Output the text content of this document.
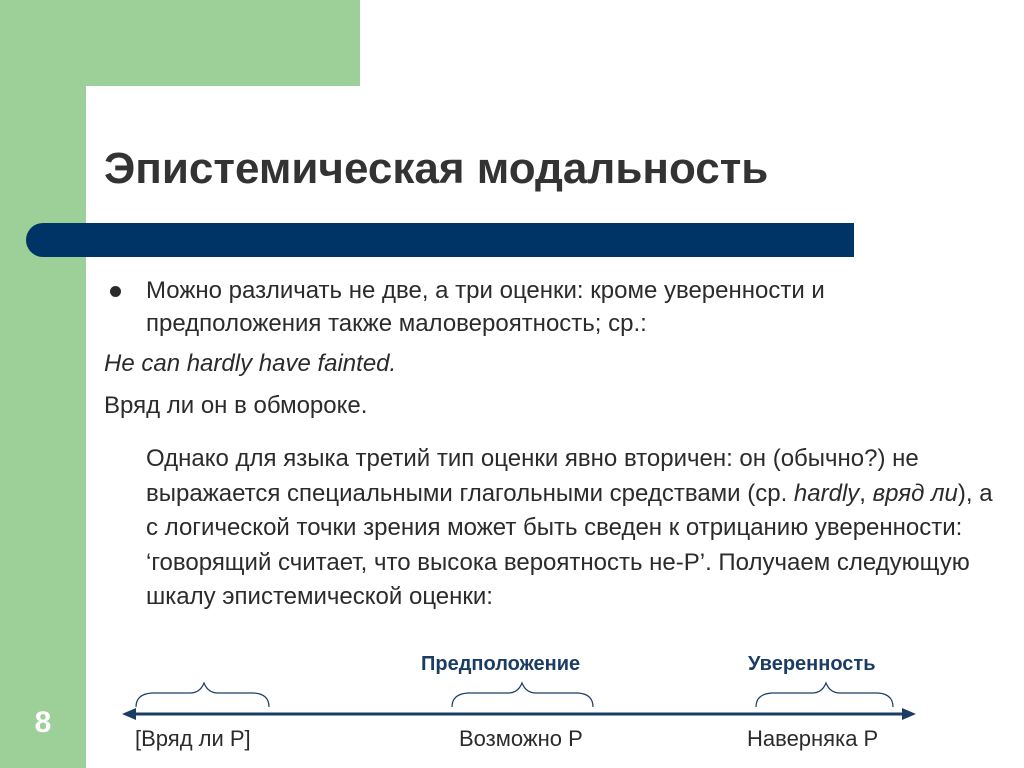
8
Эпистемическая модальность

Можно различать не две, а три оценки: кроме уверенности и предположения также маловероятность; ср.:

He can hardly have fainted.

Вряд ли он в обмороке.

Однако для языка третий тип оценки явно вторичен: он (обычно?) не выражается специальными глагольными средствами (ср. hardly, вряд ли), а с логической точки зрения может быть сведен к отрицанию уверенности: ‘говорящий считает, что высока вероятность не-P’. Получаем следующую шкалу эпистемической оценки:

Предположение	Уверенность
[Вряд ли P]	Возможно P	Наверняка P
